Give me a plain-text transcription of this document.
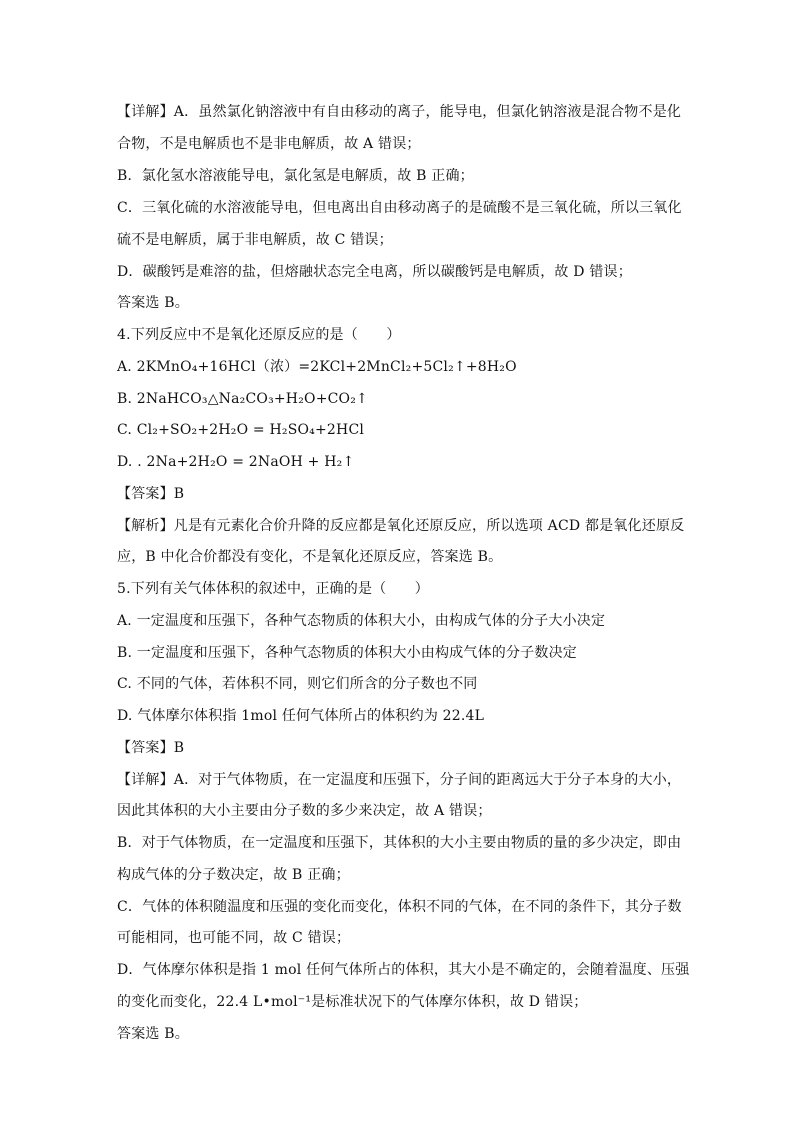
【详解】A．虽然氯化钠溶液中有自由移动的离子，能导电，但氯化钠溶液是混合物不是化
合物，不是电解质也不是非电解质，故 A 错误；
B．氯化氢水溶液能导电，氯化氢是电解质，故 B 正确；
C．三氧化硫的水溶液能导电，但电离出自由移动离子的是硫酸不是三氧化硫，所以三氧化
硫不是电解质，属于非电解质，故 C 错误；
D．碳酸钙是难溶的盐，但熔融状态完全电离，所以碳酸钙是电解质，故 D 错误；
答案选 B。
4.下列反应中不是氧化还原反应的是（　　）
A. 2KMnO₄+16HCl（浓）=2KCl+2MnCl₂+5Cl₂↑+8H₂O
B. 2NaHCO₃△Na₂CO₃+H₂O+CO₂↑
C. Cl₂+SO₂+2H₂O = H₂SO₄+2HCl
D. . 2Na+2H₂O = 2NaOH + H₂↑
【答案】B
【解析】凡是有元素化合价升降的反应都是氧化还原反应，所以选项 ACD 都是氧化还原反
应，B 中化合价都没有变化，不是氧化还原反应，答案选 B。
5.下列有关气体体积的叙述中，正确的是（　　）
A. 一定温度和压强下，各种气态物质的体积大小，由构成气体的分子大小决定
B. 一定温度和压强下，各种气态物质的体积大小由构成气体的分子数决定
C. 不同的气体，若体积不同，则它们所含的分子数也不同
D. 气体摩尔体积指 1mol 任何气体所占的体积约为 22.4L
【答案】B
【详解】A．对于气体物质，在一定温度和压强下，分子间的距离远大于分子本身的大小，
因此其体积的大小主要由分子数的多少来决定，故 A 错误；
B．对于气体物质，在一定温度和压强下，其体积的大小主要由物质的量的多少决定，即由
构成气体的分子数决定，故 B 正确；
C．气体的体积随温度和压强的变化而变化，体积不同的气体，在不同的条件下，其分子数
可能相同，也可能不同，故 C 错误；
D．气体摩尔体积是指 1 mol 任何气体所占的体积，其大小是不确定的，会随着温度、压强
的变化而变化，22.4 L•mol⁻¹是标准状况下的气体摩尔体积，故 D 错误；
答案选 B。
